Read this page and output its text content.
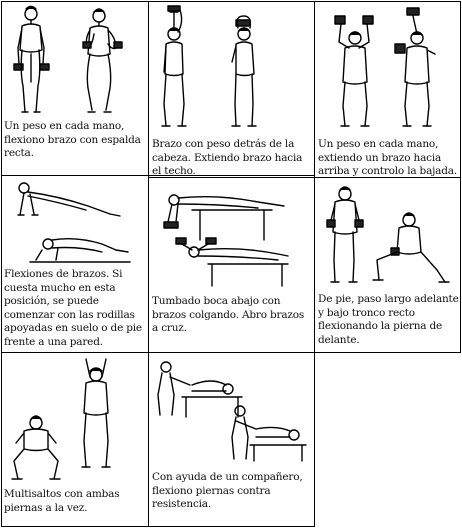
Un peso en cada mano, flexiono brazo con espalda recta.
Brazo con peso detrás de la cabeza. Extiendo brazo hacia el techo.
Un peso en cada mano, extiendo un brazo hacia arriba y controlo la bajada.
Flexiones de brazos. Si cuesta mucho en esta posición, se puede comenzar con las rodillas apoyadas en suelo o de pie frente a una pared.
Tumbado boca abajo con brazos colgando. Abro brazos a cruz.
De pie, paso largo adelante y bajo tronco recto flexionando la pierna de delante.
Multisaltos con ambas piernas a la vez.
Con ayuda de un compañero, flexiono piernas contra resistencia.
